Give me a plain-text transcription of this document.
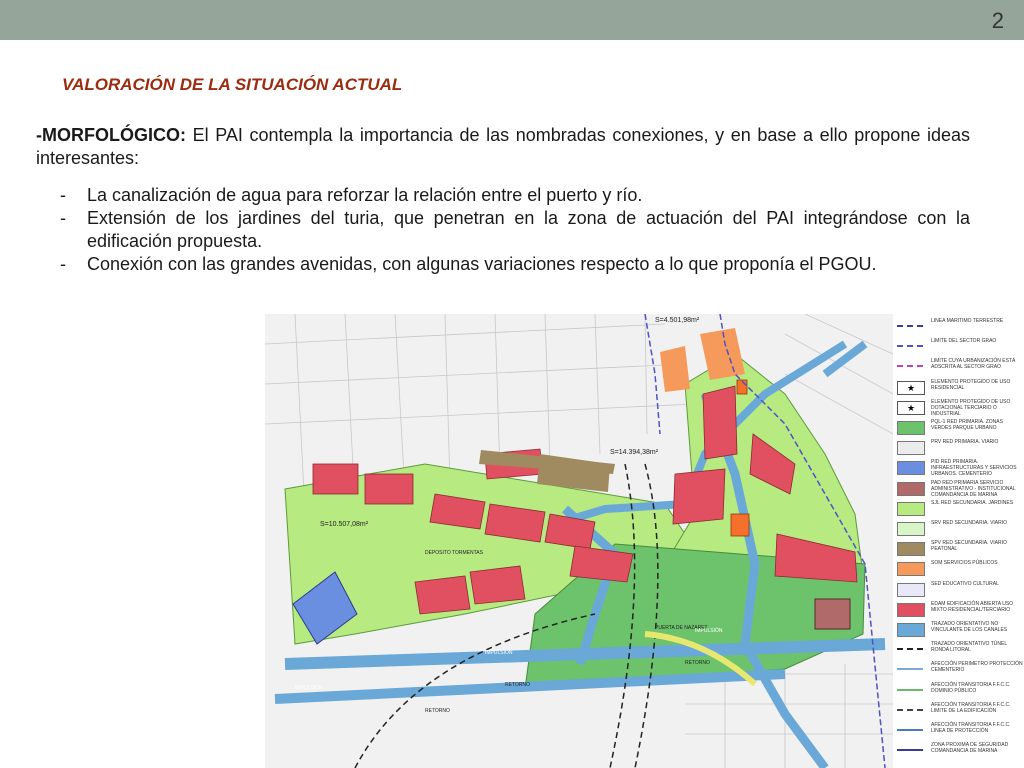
2
VALORACIÓN DE LA SITUACIÓN ACTUAL
-MORFOLÓGICO: El PAI contempla la importancia de las nombradas conexiones, y en base a ello propone ideas interesantes:
- La canalización de agua para reforzar la relación entre el puerto y río.
- Extensión de los jardines del turia, que penetran en la zona de actuación del PAI integrándose con la edificación propuesta.
- Conexión con las grandes avenidas, con algunas variaciones respecto a lo que proponía el PGOU.
S=4.501,98m²
S=14.394,38m²
S=10.507,08m²
DEPOSITO TORMENTAS
IMPULSIÓN
IMPULSIÓN
IMPULSIÓN
RETORNO
RETORNO
RETORNO
PUERTA DE NAZARET
LINEA MARITIMO TERRESTRE
LIMITE DEL SECTOR GRAO
LIMITE CUYA URBANIZACIÓN ESTÁ ADSCRITA AL SECTOR GRAO
★
ELEMENTO PROTEGIDO DE USO RESIDENCIAL
★
ELEMENTO PROTEGIDO DE USO DOTACIONAL TERCIARIO O INDUSTRIAL
PQL-1 RED PRIMARIA. ZONAS VERDES PARQUE URBANO
PRV RED PRIMARIA. VIARIO
PID RED PRIMARIA. INFRAESTRUCTURAS Y SERVICIOS URBANOS. CEMENTERIO
PAD RED PRIMARIA SERVICIO ADMINISTRATIVO - INSTITUCIONAL COMANDANCIA DE MARINA
SJL RED SECUNDARIA. JARDINES
SRV RED SECUNDARIA. VIARIO
SPV RED SECUNDARIA. VIARIO PEATONAL
SOM SERVICIOS PÚBLICOS
SED EDUCATIVO CULTURAL
EDAM EDIFICACIÓN ABIERTA USO MIXTO RESIDENCIAL/TERCIARIO
TRAZADO ORIENTATIVO NO VINCULANTE DE LOS CANALES
TRAZADO ORIENTATIVO TÚNEL RONDA LITORAL
AFECCIÓN PERIMETRO PROTECCIÓN CEMENTERIO
AFECCIÓN TRANSITORIA F.F.C.C. DOMINIO PÚBLICO
AFECCIÓN TRANSITORIA F.F.C.C. LIMITE DE LA EDIFICACIÓN
AFECCIÓN TRANSITORIA F.F.C.C. LINEA DE PROTECCIÓN
ZONA PROXIMA DE SEGURIDAD COMANDANCIA DE MARINA
